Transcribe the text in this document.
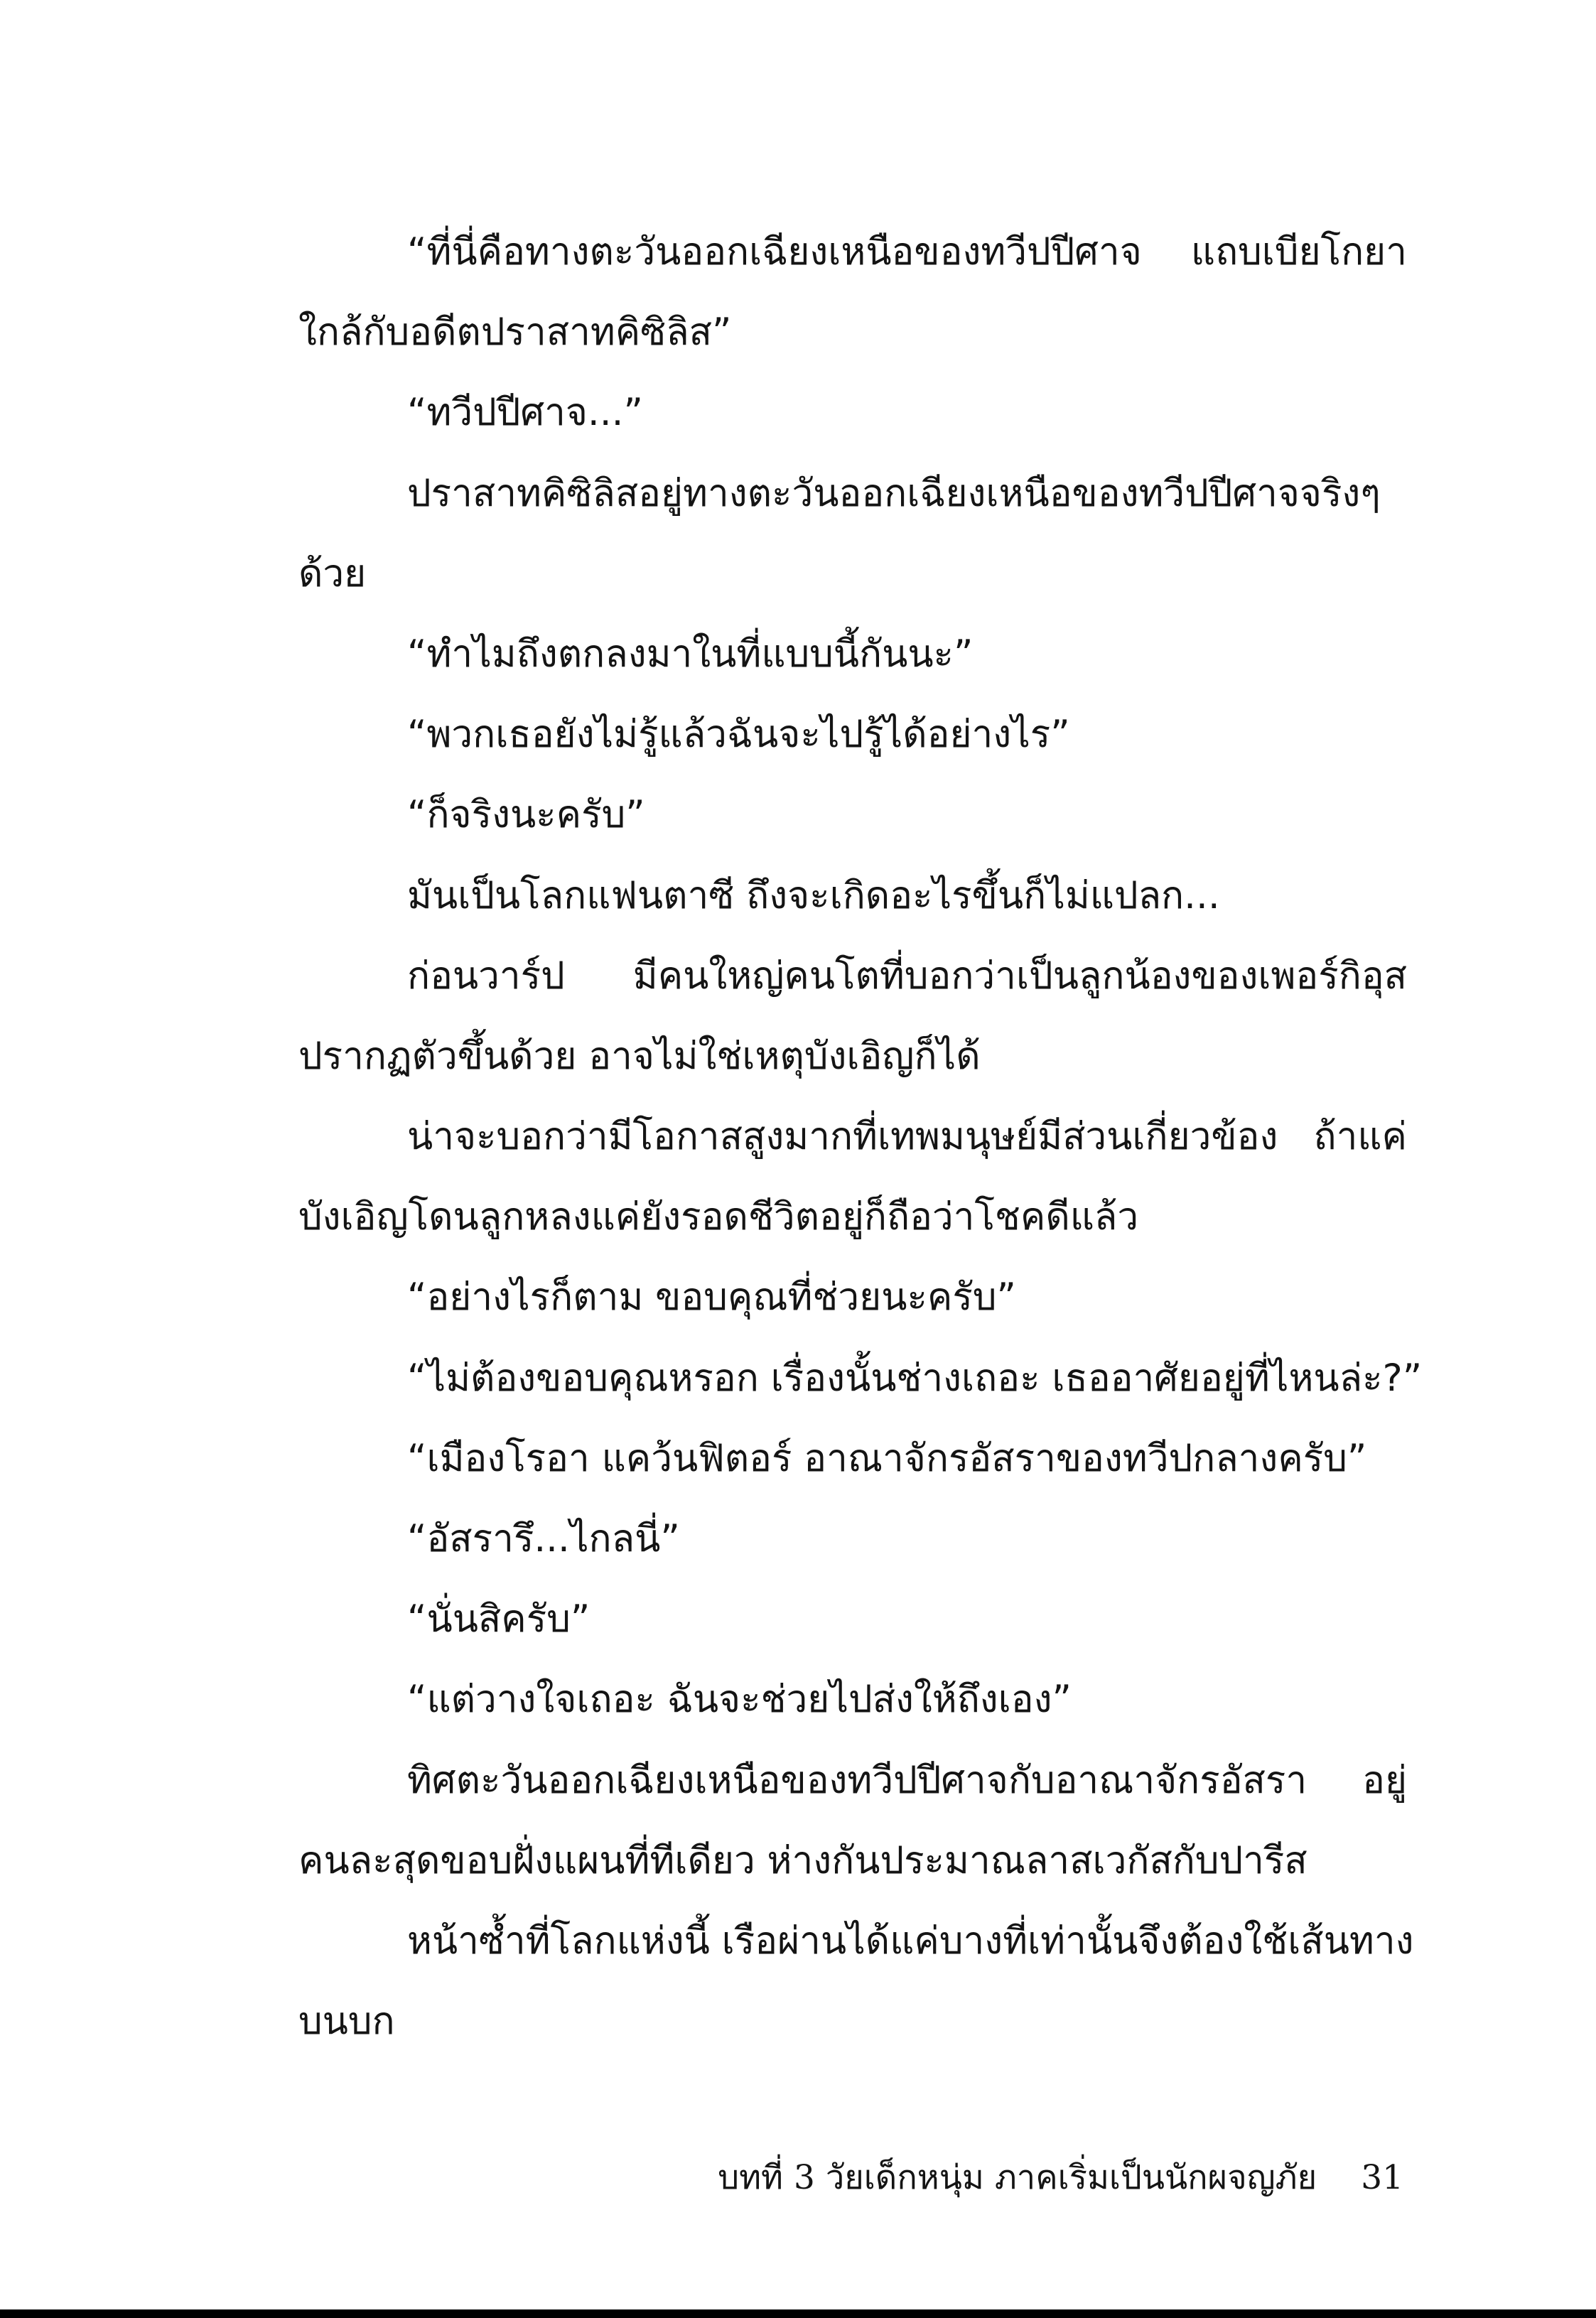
“ที่นี่คือทางตะวันออกเฉียงเหนือของทวีปปีศาจ แถบเบียโกยา
ใกล้กับอดีตปราสาทคิซิลิส”
“ทวีปปีศาจ...”
ปราสาทคิซิลิสอยู่ทางตะวันออกเฉียงเหนือของทวีปปีศาจจริงๆ
ด้วย
“ทำไมถึงตกลงมาในที่แบบนี้กันนะ”
“พวกเธอยังไม่รู้แล้วฉันจะไปรู้ได้อย่างไร”
“ก็จริงนะครับ”
มันเป็นโลกแฟนตาซี ถึงจะเกิดอะไรขึ้นก็ไม่แปลก...
ก่อนวาร์ป มีคนใหญ่คนโตที่บอกว่าเป็นลูกน้องของเพอร์กิอุส
ปรากฏตัวขึ้นด้วย อาจไม่ใช่เหตุบังเอิญก็ได้
น่าจะบอกว่ามีโอกาสสูงมากที่เทพมนุษย์มีส่วนเกี่ยวข้อง ถ้าแค่
บังเอิญโดนลูกหลงแค่ยังรอดชีวิตอยู่ก็ถือว่าโชคดีแล้ว
“อย่างไรก็ตาม ขอบคุณที่ช่วยนะครับ”
“ไม่ต้องขอบคุณหรอก เรื่องนั้นช่างเถอะ เธออาศัยอยู่ที่ไหนล่ะ?”
“เมืองโรอา แคว้นฟิตอร์ อาณาจักรอัสราของทวีปกลางครับ”
“อัสรารึ...ไกลนี่”
“นั่นสิครับ”
“แต่วางใจเถอะ ฉันจะช่วยไปส่งให้ถึงเอง”
ทิศตะวันออกเฉียงเหนือของทวีปปีศาจกับอาณาจักรอัสรา อยู่
คนละสุดขอบฝั่งแผนที่ทีเดียว ห่างกันประมาณลาสเวกัสกับปารีส
หน้าซ้ำที่โลกแห่งนี้ เรือผ่านได้แค่บางที่เท่านั้นจึงต้องใช้เส้นทาง
บนบก
บทที่ 3 วัยเด็กหนุ่ม ภาคเริ่มเป็นนักผจญภัย 31
